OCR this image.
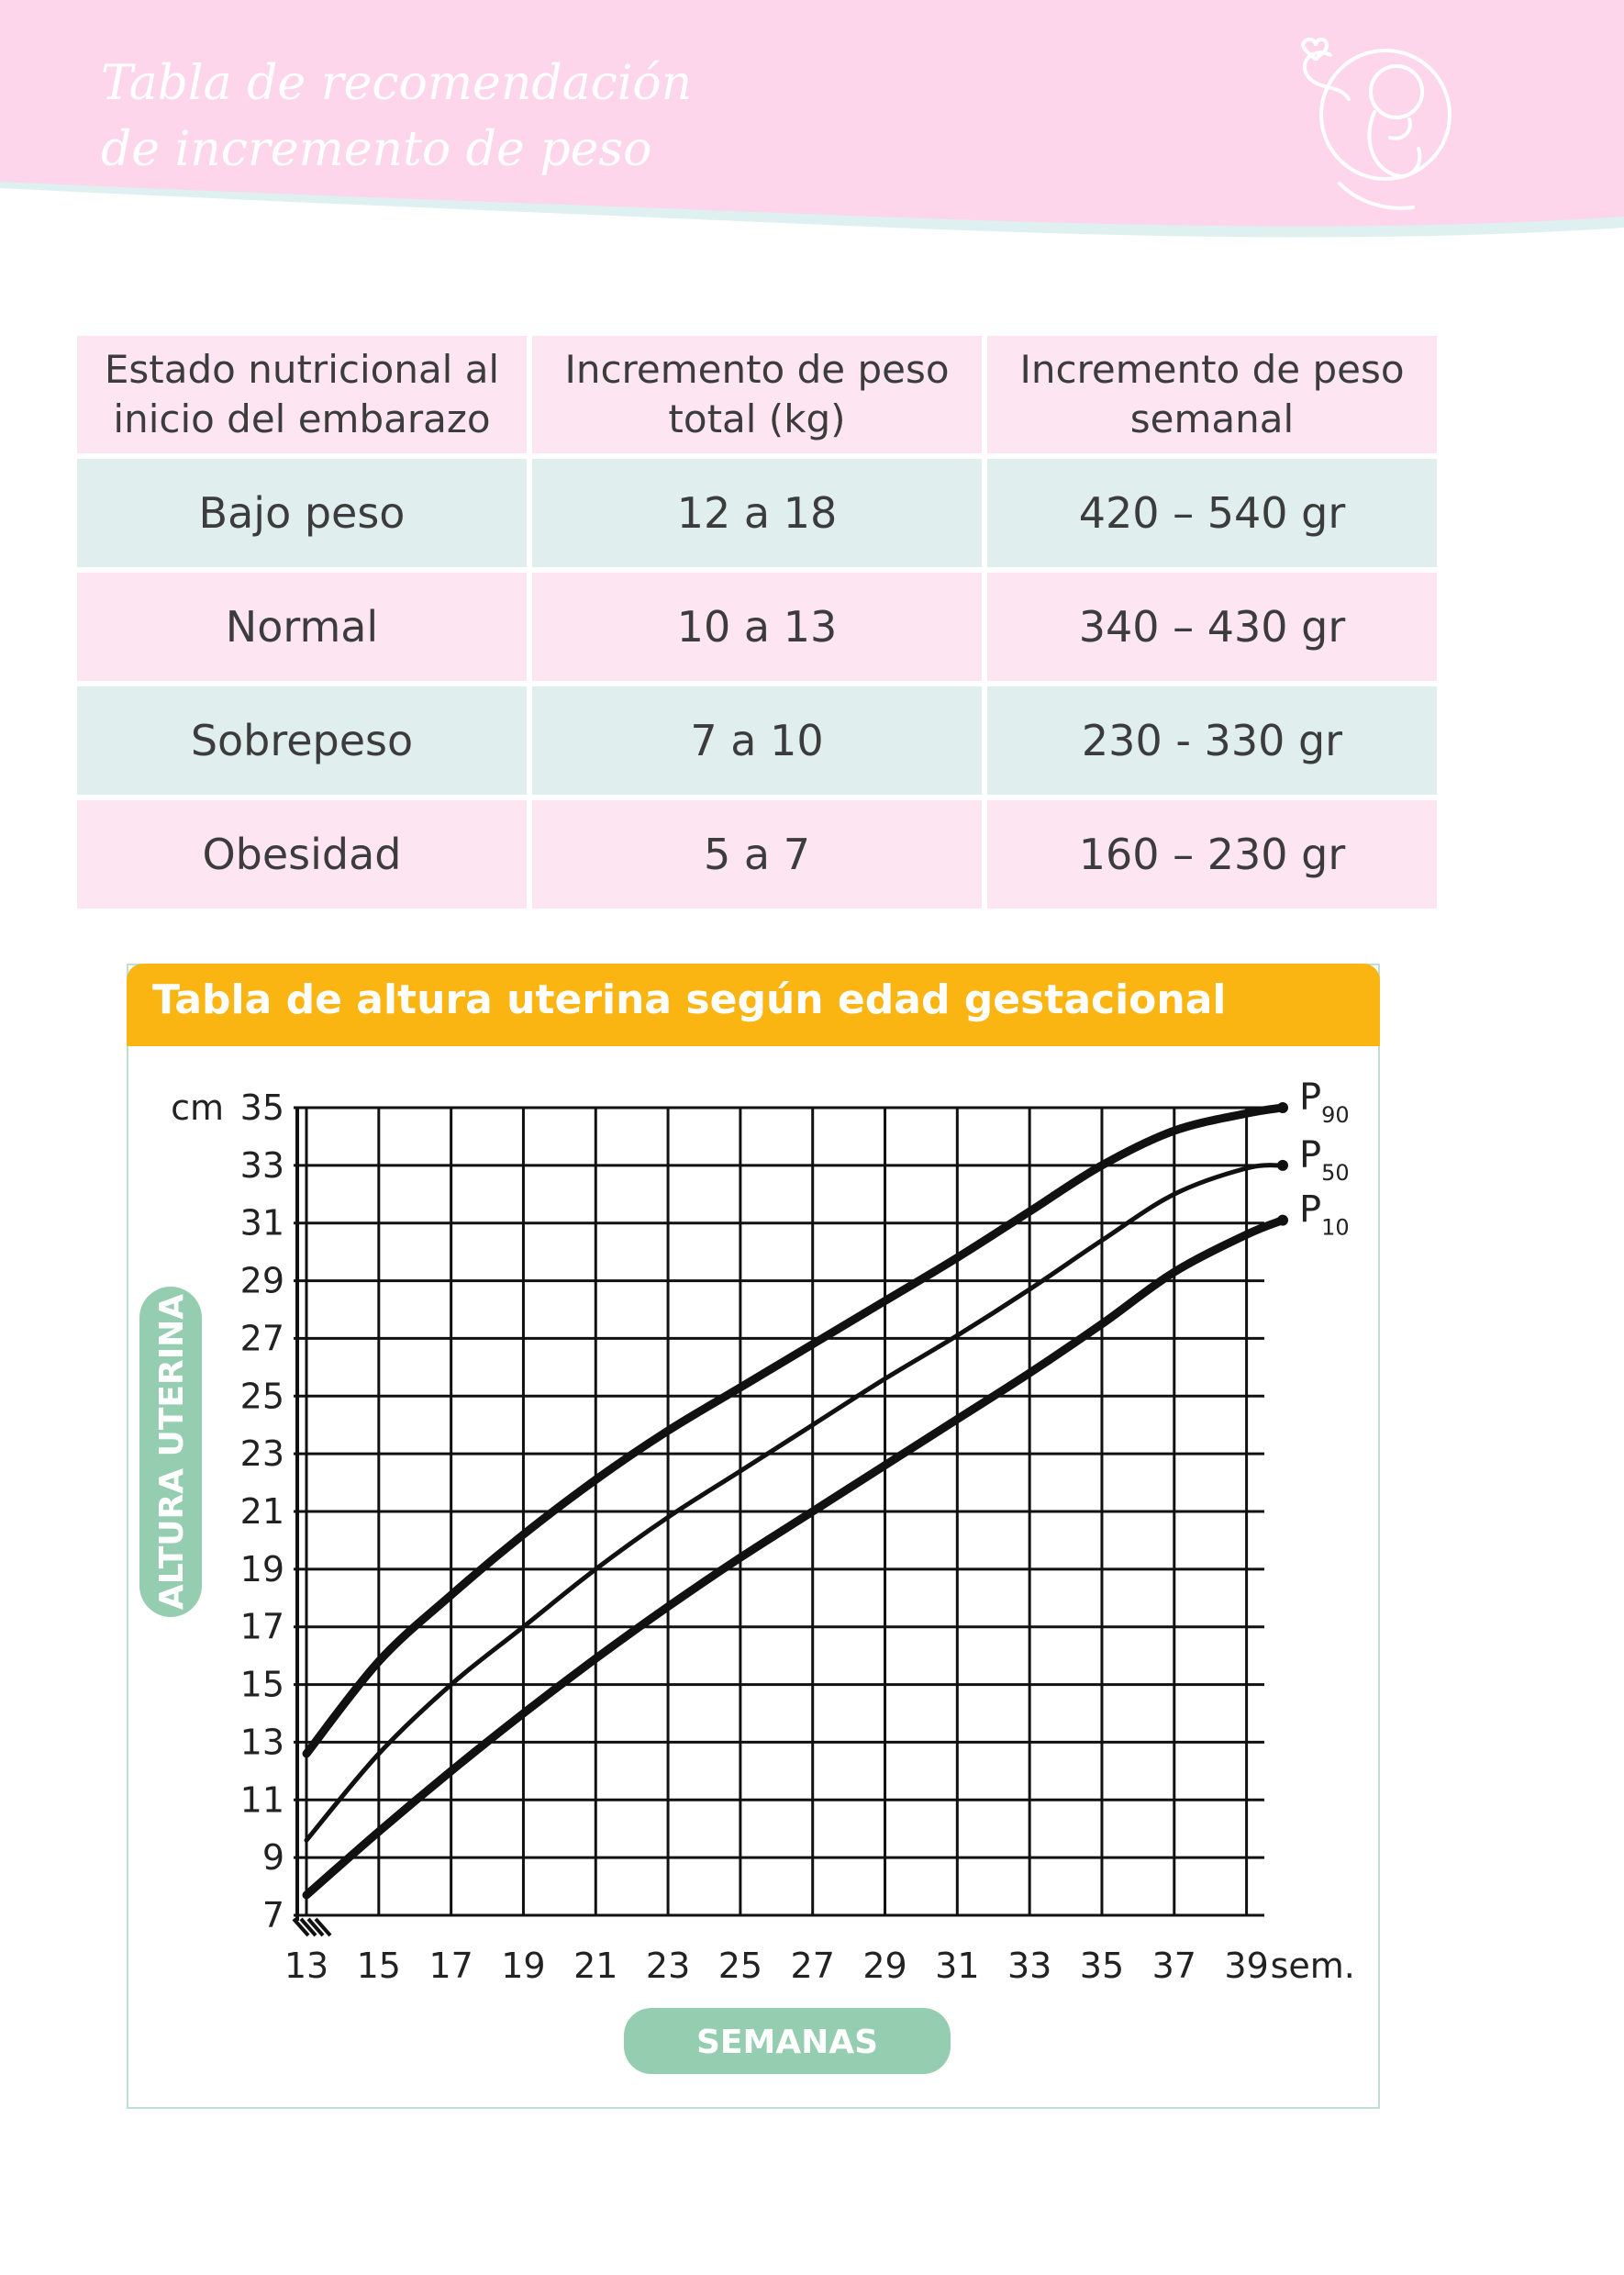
Tabla de recomendación
de incremento de peso
Estado nutricional al inicio del embarazo	Incremento de peso total (kg)	Incremento de peso semanal
Bajo peso	12 a 18	420 – 540 gr
Normal	10 a 13	340 – 430 gr
Sobrepeso	7 a 10	230 - 330 gr
Obesidad	5 a 7	160 – 230 gr
Tabla de altura uterina según edad gestacional
7
9
11
13
15
17
19
21
23
25
27
29
31
33
35
cm
13 15 17 19 21 23 25 27 29 31 33 35 37 39 sem.
ALTURA UTERINA
SEMANAS
$P_{90}$
$P_{50}$
$P_{10}$
